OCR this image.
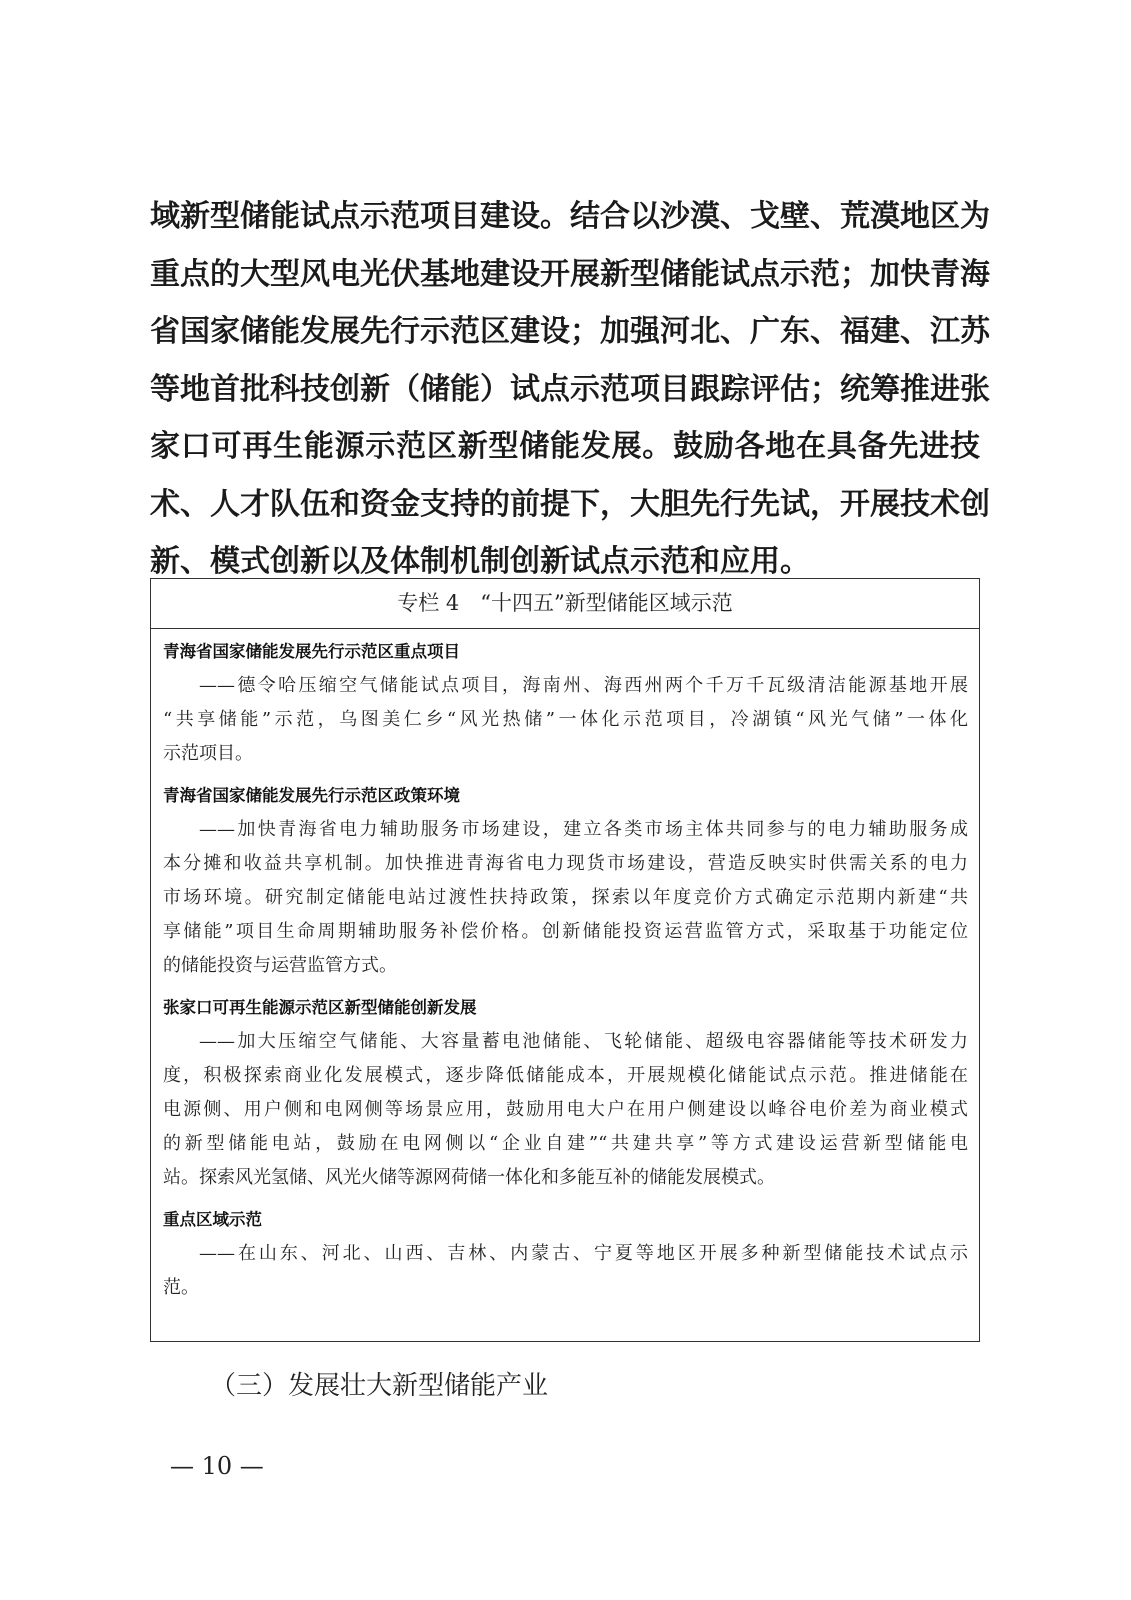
域新型储能试点示范项目建设。结合以沙漠、戈壁、荒漠地区为
重点的大型风电光伏基地建设开展新型储能试点示范；加快青海
省国家储能发展先行示范区建设；加强河北、广东、福建、江苏
等地首批科技创新（储能）试点示范项目跟踪评估；统筹推进张
家口可再生能源示范区新型储能发展。鼓励各地在具备先进技
术、人才队伍和资金支持的前提下，大胆先行先试，开展技术创
新、模式创新以及体制机制创新试点示范和应用。
专栏 4　“十四五”新型储能区域示范
青海省国家储能发展先行示范区重点项目
——德令哈压缩空气储能试点项目，海南州、海西州两个千万千瓦级清洁能源基地开展
“共享储能”示范，乌图美仁乡“风光热储”一体化示范项目，冷湖镇“风光气储”一体化
示范项目。
青海省国家储能发展先行示范区政策环境
——加快青海省电力辅助服务市场建设，建立各类市场主体共同参与的电力辅助服务成
本分摊和收益共享机制。加快推进青海省电力现货市场建设，营造反映实时供需关系的电力
市场环境。研究制定储能电站过渡性扶持政策，探索以年度竞价方式确定示范期内新建“共
享储能”项目生命周期辅助服务补偿价格。创新储能投资运营监管方式，采取基于功能定位
的储能投资与运营监管方式。
张家口可再生能源示范区新型储能创新发展
——加大压缩空气储能、大容量蓄电池储能、飞轮储能、超级电容器储能等技术研发力
度，积极探索商业化发展模式，逐步降低储能成本，开展规模化储能试点示范。推进储能在
电源侧、用户侧和电网侧等场景应用，鼓励用电大户在用户侧建设以峰谷电价差为商业模式
的新型储能电站，鼓励在电网侧以“企业自建”“共建共享”等方式建设运营新型储能电
站。探索风光氢储、风光火储等源网荷储一体化和多能互补的储能发展模式。
重点区域示范
——在山东、河北、山西、吉林、内蒙古、宁夏等地区开展多种新型储能技术试点示
范。
（三）发展壮大新型储能产业
— 10 —
